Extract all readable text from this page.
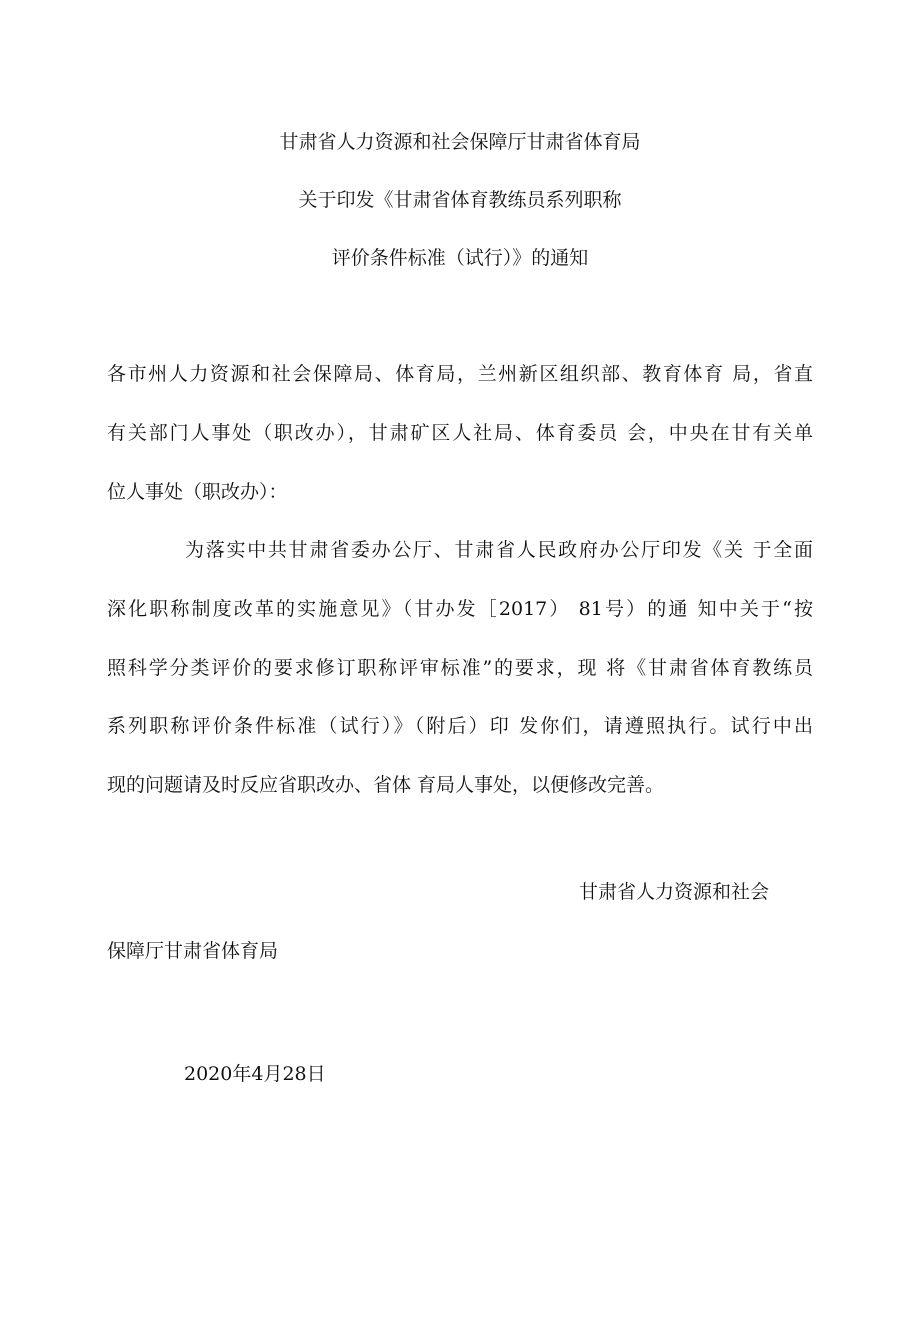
甘肃省人力资源和社会保障厅甘肃省体育局
关于印发《甘肃省体育教练员系列职称
评价条件标准（试行）》的通知
各市州人力资源和社会保障局、体育局，兰州新区组织部、教育体育 局，省直
有关部门人事处（职改办），甘肃矿区人社局、体育委员 会，中央在甘有关单
位人事处（职改办）：
为落实中共甘肃省委办公厅、甘肃省人民政府办公厅印发《关 于全面
深化职称制度改革的实施意见》（甘办发［2017） 81号）的通 知中关于“按
照科学分类评价的要求修订职称评审标准”的要求，现 将《甘肃省体育教练员
系列职称评价条件标准（试行）》（附后）印 发你们，请遵照执行。试行中出
现的问题请及时反应省职改办、省体 育局人事处，以便修改完善。
甘肃省人力资源和社会
保障厅甘肃省体育局
2020年4月28日
